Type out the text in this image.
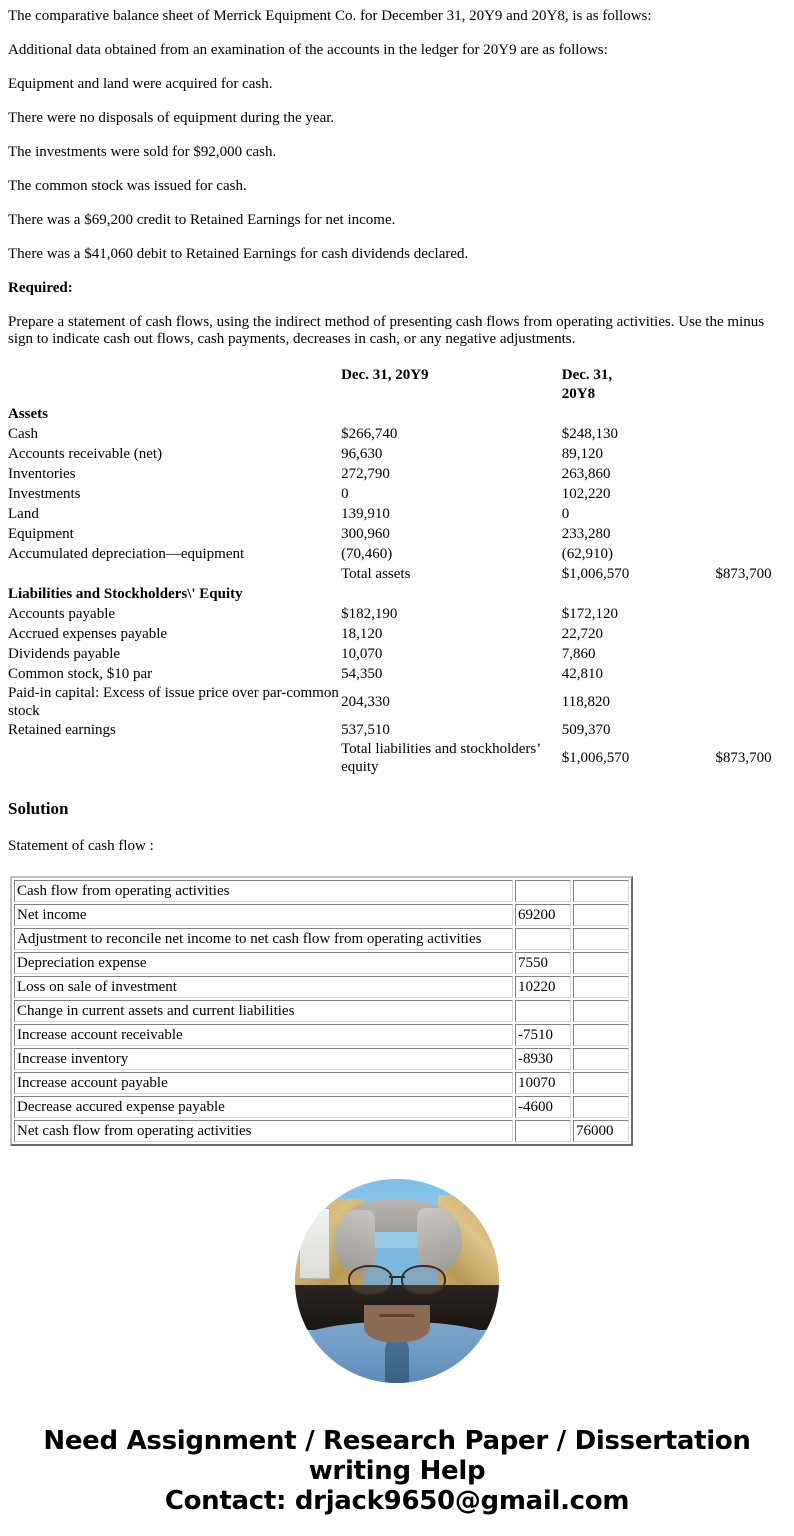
The comparative balance sheet of Merrick Equipment Co. for December 31, 20Y9 and 20Y8, is as follows:

Additional data obtained from an examination of the accounts in the ledger for 20Y9 are as follows:

Equipment and land were acquired for cash.

There were no disposals of equipment during the year.

The investments were sold for $92,000 cash.

The common stock was issued for cash.

There was a $69,200 credit to Retained Earnings for net income.

There was a $41,060 debit to Retained Earnings for cash dividends declared.

Required:

Prepare a statement of cash flows, using the indirect method of presenting cash flows from operating activities. Use the minus sign to indicate cash out flows, cash payments, decreases in cash, or any negative adjustments.

	Dec. 31, 20Y9	Dec. 31,
20Y8	

Assets			
Cash	$266,740	$248,130	
Accounts receivable (net)	96,630	89,120	
Inventories	272,790	263,860	
Investments	0	102,220	
Land	139,910	0	
Equipment	300,960	233,280	
Accumulated depreciation—equipment	(70,460)	(62,910)	
	Total assets	$1,006,570	$873,700
Liabilities and Stockholders\' Equity			
Accounts payable	$182,190	$172,120	
Accrued expenses payable	18,120	22,720	
Dividends payable	10,070	7,860	
Common stock, $10 par	54,350	42,810	
Paid-in capital: Excess of issue price over par-common stock	204,330	118,820	
Retained earnings	537,510	509,370	
	Total liabilities and stockholders’ equity	$1,006,570	$873,700
Solution
Statement of cash flow :
Cash flow from operating activities		
Net income	69200	
Adjustment to reconcile net income to net cash flow from operating activities		
Depreciation expense	7550	
Loss on sale of investment	10220	
Change in current assets and current liabilities		
Increase account receivable	-7510	
Increase inventory	-8930	
Increase account payable	10070	
Decrease accured expense payable	-4600	
Net cash flow from operating activities		76000
Need Assignment / Research Paper / Dissertation writing Help
Contact: drjack9650@gmail.com
